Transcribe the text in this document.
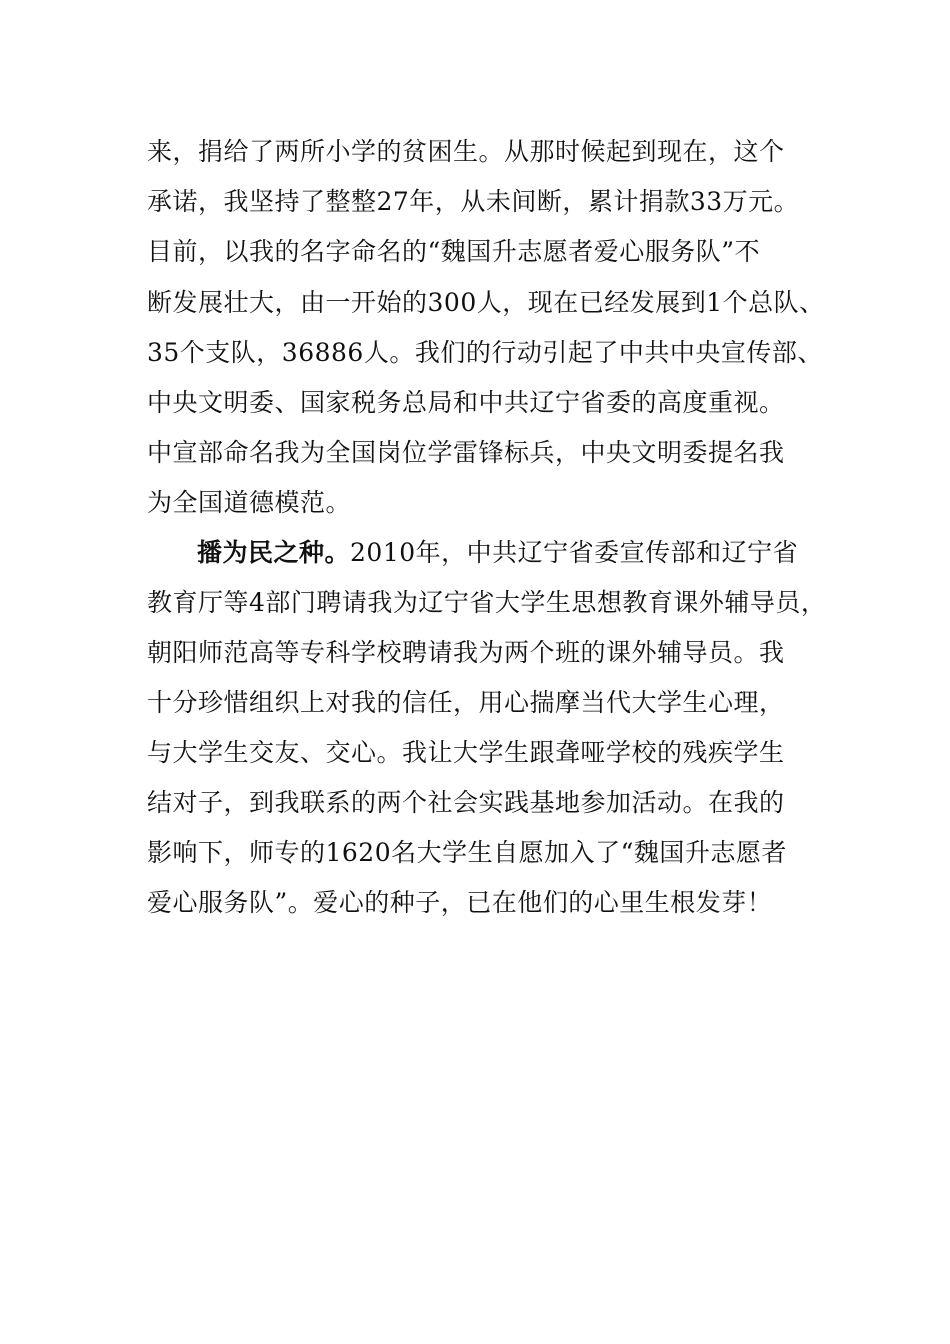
来，捐给了两所小学的贫困生。从那时候起到现在，这个
承诺，我坚持了整整27年，从未间断，累计捐款33万元。
目前，以我的名字命名的“魏国升志愿者爱心服务队”不
断发展壮大，由一开始的300人，现在已经发展到1个总队、
35个支队，36886人。我们的行动引起了中共中央宣传部、
中央文明委、国家税务总局和中共辽宁省委的高度重视。
中宣部命名我为全国岗位学雷锋标兵，中央文明委提名我
为全国道德模范。
播为民之种。2010年，中共辽宁省委宣传部和辽宁省
教育厅等4部门聘请我为辽宁省大学生思想教育课外辅导员，
朝阳师范高等专科学校聘请我为两个班的课外辅导员。我
十分珍惜组织上对我的信任，用心揣摩当代大学生心理，
与大学生交友、交心。我让大学生跟聋哑学校的残疾学生
结对子，到我联系的两个社会实践基地参加活动。在我的
影响下，师专的1620名大学生自愿加入了“魏国升志愿者
爱心服务队”。爱心的种子，已在他们的心里生根发芽！
